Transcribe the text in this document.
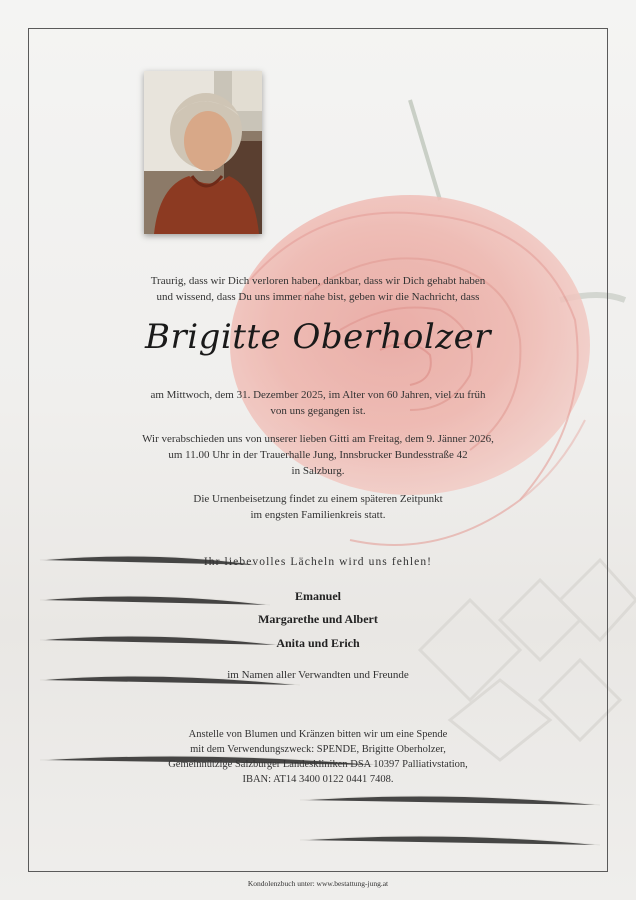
Traurig, dass wir Dich verloren haben, dankbar, dass wir Dich gehabt haben
und wissend, dass Du uns immer nahe bist, geben wir die Nachricht, dass
Brigitte Oberholzer
am Mittwoch, dem 31. Dezember 2025, im Alter von 60 Jahren, viel zu früh
von uns gegangen ist.
Wir verabschieden uns von unserer lieben Gitti am Freitag, dem 9. Jänner 2026,
um 11.00 Uhr in der Trauerhalle Jung, Innsbrucker Bundesstraße 42
in Salzburg.
Die Urnenbeisetzung findet zu einem späteren Zeitpunkt
im engsten Familienkreis statt.
Ihr liebevolles Lächeln wird uns fehlen!
Emanuel
Margarethe und Albert
Anita und Erich
im Namen aller Verwandten und Freunde
Anstelle von Blumen und Kränzen bitten wir um eine Spende
mit dem Verwendungszweck: SPENDE, Brigitte Oberholzer,
Gemeinnützige Salzburger Landeskliniken DSA 10397 Palliativstation,
IBAN: AT14 3400 0122 0441 7408.
Kondolenzbuch unter: www.bestattung-jung.at
